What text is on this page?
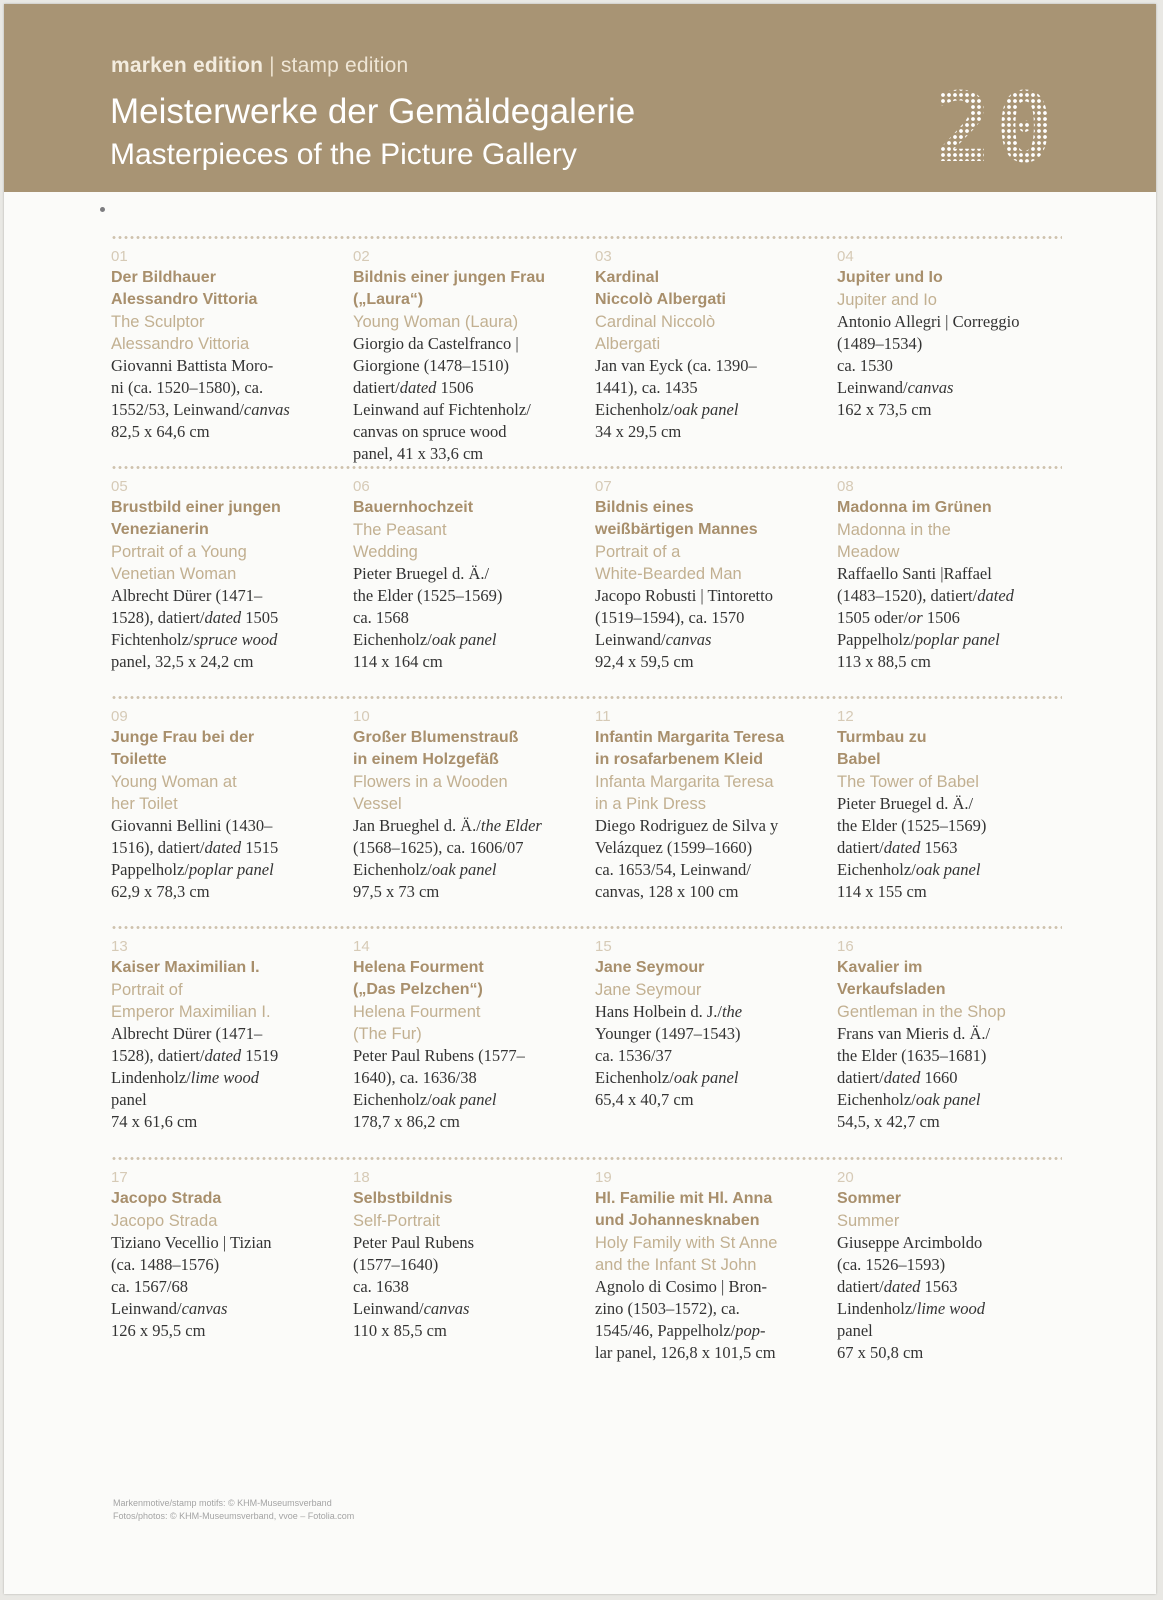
marken edition | stamp edition
Meisterwerke der Gemäldegalerie
Masterpieces of the Picture Gallery	20
01
Der Bildhauer
Alessandro Vittoria
The Sculptor
Alessandro Vittoria
Giovanni Battista Moro-
ni (ca. 1520–1580), ca.
1552/53, Leinwand/canvas
82,5 x 64,6 cm
02
Bildnis einer jungen Frau
(„Laura“)
Young Woman (Laura)
Giorgio da Castelfranco |
Giorgione (1478–1510)
datiert/dated 1506
Leinwand auf Fichtenholz/
canvas on spruce wood
panel, 41 x 33,6 cm
03
Kardinal
Niccolò Albergati
Cardinal Niccolò
Albergati
Jan van Eyck (ca. 1390–
1441), ca. 1435
Eichenholz/oak panel
34 x 29,5 cm
04
Jupiter und Io
Jupiter and Io
Antonio Allegri | Correggio
(1489–1534)
ca. 1530
Leinwand/canvas
162 x 73,5 cm
05
Brustbild einer jungen
Venezianerin
Portrait of a Young
Venetian Woman
Albrecht Dürer (1471–
1528), datiert/dated 1505
Fichtenholz/spruce wood
panel, 32,5 x 24,2 cm
06
Bauernhochzeit
The Peasant
Wedding
Pieter Bruegel d. Ä./
the Elder (1525–1569)
ca. 1568
Eichenholz/oak panel
114 x 164 cm
07
Bildnis eines
weißbärtigen Mannes
Portrait of a
White-Bearded Man
Jacopo Robusti | Tintoretto
(1519–1594), ca. 1570
Leinwand/canvas
92,4 x 59,5 cm
08
Madonna im Grünen
Madonna in the
Meadow
Raffaello Santi |Raffael
(1483–1520), datiert/dated
1505 oder/or 1506
Pappelholz/poplar panel
113 x 88,5 cm
09
Junge Frau bei der
Toilette
Young Woman at
her Toilet
Giovanni Bellini (1430–
1516), datiert/dated 1515
Pappelholz/poplar panel
62,9 x 78,3 cm
10
Großer Blumenstrauß
in einem Holzgefäß
Flowers in a Wooden
Vessel
Jan Brueghel d. Ä./the Elder
(1568–1625), ca. 1606/07
Eichenholz/oak panel
97,5 x 73 cm
11
Infantin Margarita Teresa
in rosafarbenem Kleid
Infanta Margarita Teresa
in a Pink Dress
Diego Rodriguez de Silva y
Velázquez (1599–1660)
ca. 1653/54, Leinwand/
canvas, 128 x 100 cm
12
Turmbau zu
Babel
The Tower of Babel
Pieter Bruegel d. Ä./
the Elder (1525–1569)
datiert/dated 1563
Eichenholz/oak panel
114 x 155 cm
13
Kaiser Maximilian I.
Portrait of
Emperor Maximilian I.
Albrecht Dürer (1471–
1528), datiert/dated 1519
Lindenholz/lime wood
panel
74 x 61,6 cm
14
Helena Fourment
(„Das Pelzchen“)
Helena Fourment
(The Fur)
Peter Paul Rubens (1577–
1640), ca. 1636/38
Eichenholz/oak panel
178,7 x 86,2 cm
15
Jane Seymour
Jane Seymour
Hans Holbein d. J./the
Younger (1497–1543)
ca. 1536/37
Eichenholz/oak panel
65,4 x 40,7 cm
16
Kavalier im
Verkaufsladen
Gentleman in the Shop
Frans van Mieris d. Ä./
the Elder (1635–1681)
datiert/dated 1660
Eichenholz/oak panel
54,5, x 42,7 cm
17
Jacopo Strada
Jacopo Strada
Tiziano Vecellio | Tizian
(ca. 1488–1576)
ca. 1567/68
Leinwand/canvas
126 x 95,5 cm
18
Selbstbildnis
Self-Portrait
Peter Paul Rubens
(1577–1640)
ca. 1638
Leinwand/canvas
110 x 85,5 cm
19
Hl. Familie mit Hl. Anna
und Johannesknaben
Holy Family with St Anne
and the Infant St John
Agnolo di Cosimo | Bron-
zino (1503–1572), ca.
1545/46, Pappelholz/pop-
lar panel, 126,8 x 101,5 cm
20
Sommer
Summer
Giuseppe Arcimboldo
(ca. 1526–1593)
datiert/dated 1563
Lindenholz/lime wood
panel
67 x 50,8 cm
Markenmotive/stamp motifs: © KHM-Museumsverband
Fotos/photos: © KHM-Museumsverband, vvoe – Fotolia.com
